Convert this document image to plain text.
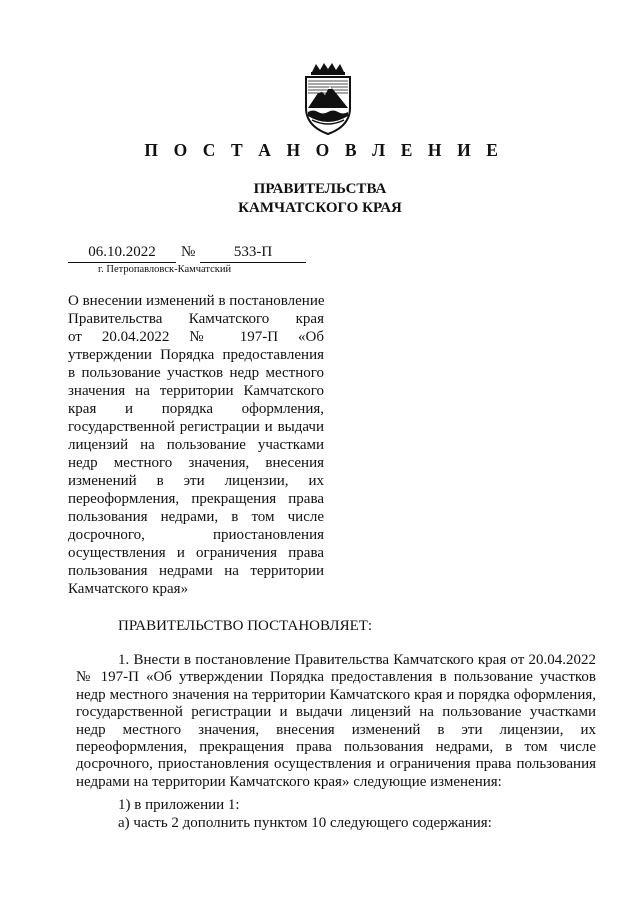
П О С Т А Н О В Л Е Н И Е
ПРАВИТЕЛЬСТВА
КАМЧАТСКОГО КРАЯ
06.10.2022	№	533-П
г. Петропавловск-Камчатский
О внесении изменений в постановление
Правительства Камчатского края
от 20.04.2022 № 197-П «Об
утверждении Порядка предоставления
в пользование участков недр местного
значения на территории Камчатского
края и порядка оформления,
государственной регистрации и выдачи
лицензий на пользование участками
недр местного значения, внесения
изменений в эти лицензии, их
переоформления, прекращения права
пользования недрами, в том числе
досрочного, приостановления
осуществления и ограничения права
пользования недрами на территории
Камчатского края»
ПРАВИТЕЛЬСТВО ПОСТАНОВЛЯЕТ:
1. Внести в постановление Правительства Камчатского края от 20.04.2022
№ 197-П «Об утверждении Порядка предоставления в пользование участков
недр местного значения на территории Камчатского края и порядка оформления,
государственной регистрации и выдачи лицензий на пользование участками
недр местного значения, внесения изменений в эти лицензии, их
переоформления, прекращения права пользования недрами, в том числе
досрочного, приостановления осуществления и ограничения права пользования
недрами на территории Камчатского края» следующие изменения:
1) в приложении 1:
а) часть 2 дополнить пунктом 10 следующего содержания:
